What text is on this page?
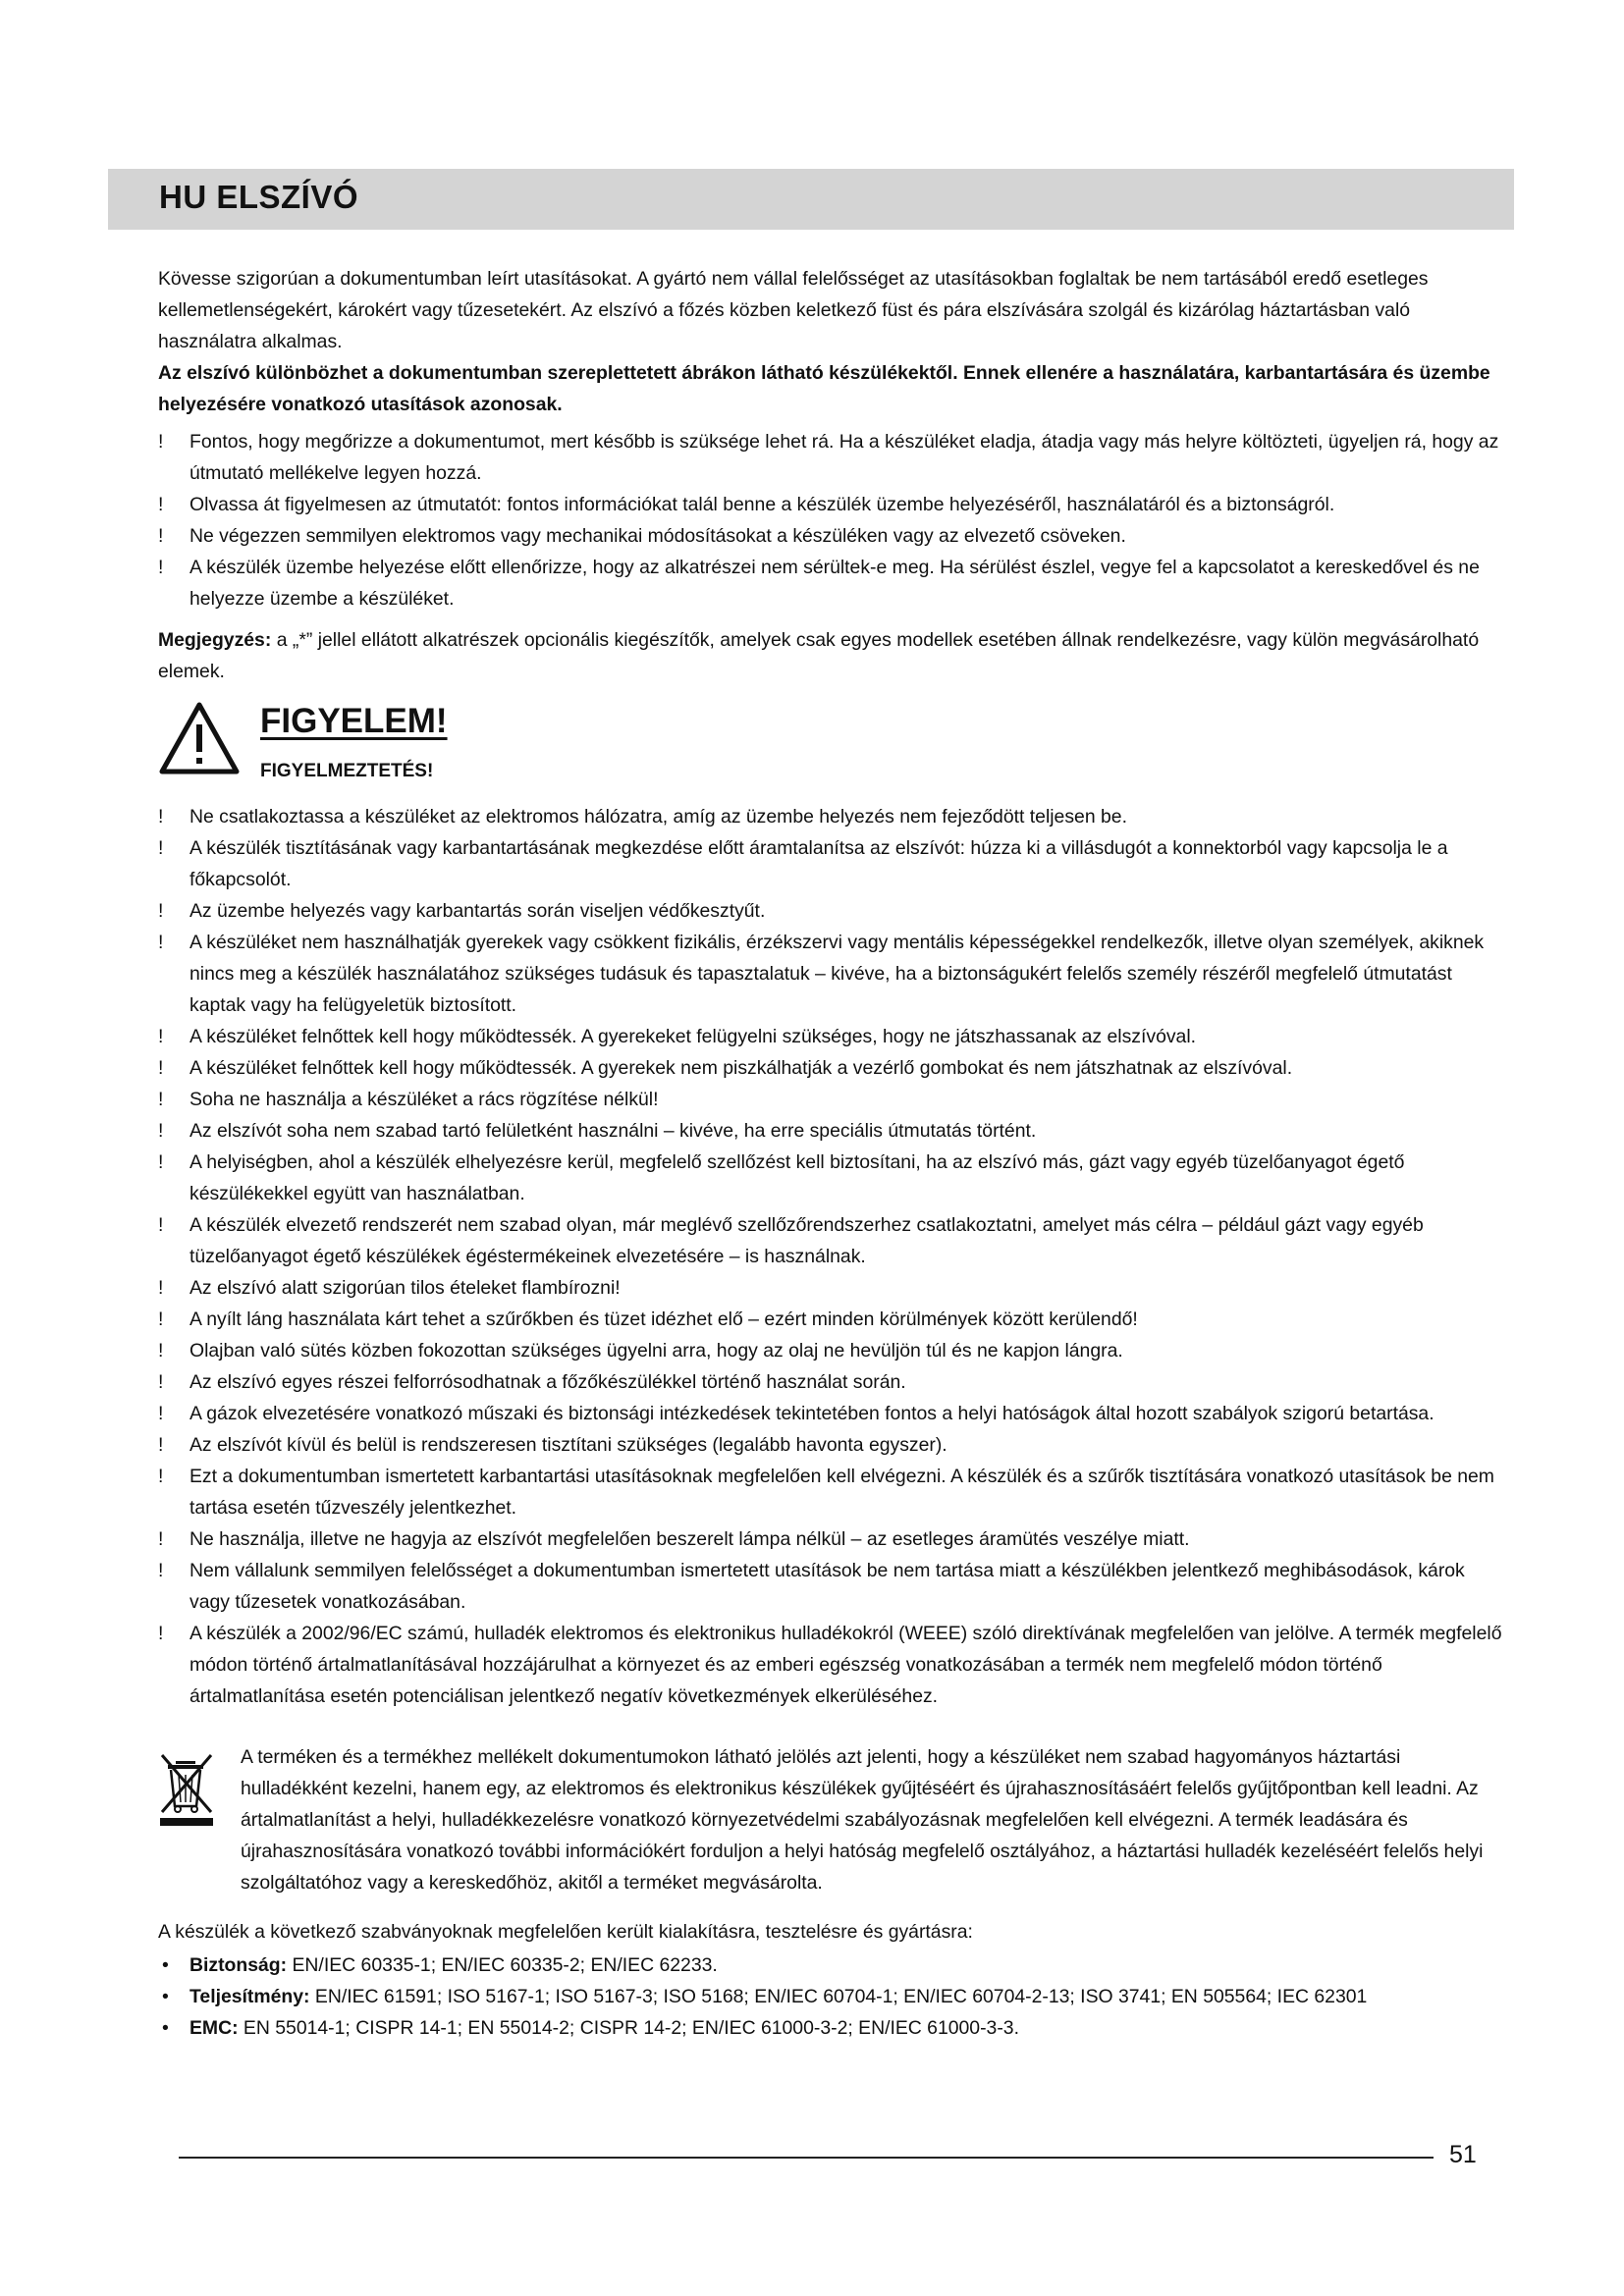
HU ELSZÍVÓ

Kövesse szigorúan a dokumentumban leírt utasításokat. A gyártó nem vállal felelősséget az utasításokban foglaltak be nem tartásából eredő esetleges kellemetlenségekért, károkért vagy tűzesetekért. Az elszívó a főzés közben keletkező füst és pára elszívására szolgál és kizárólag háztartásban való használatra alkalmas.

Az elszívó különbözhet a dokumentumban szereplettetett ábrákon látható készülékektől. Ennek ellenére a használatára, karbantartására és üzembe helyezésére vonatkozó utasítások azonosak.

! Fontos, hogy megőrizze a dokumentumot, mert később is szüksége lehet rá. Ha a készüléket eladja, átadja vagy más helyre költözteti, ügyeljen rá, hogy az útmutató mellékelve legyen hozzá.
! Olvassa át figyelmesen az útmutatót: fontos információkat talál benne a készülék üzembe helyezéséről, használatáról és a biztonságról.
! Ne végezzen semmilyen elektromos vagy mechanikai módosításokat a készüléken vagy az elvezető csöveken.
! A készülék üzembe helyezése előtt ellenőrizze, hogy az alkatrészei nem sérültek-e meg. Ha sérülést észlel, vegye fel a kapcsolatot a kereskedővel és ne helyezze üzembe a készüléket.

Megjegyzés: a „*” jellel ellátott alkatrészek opcionális kiegészítők, amelyek csak egyes modellek esetében állnak rendelkezésre, vagy külön megvásárolható elemek.

FIGYELEM!
FIGYELMEZTETÉS!
! Ne csatlakoztassa a készüléket az elektromos hálózatra, amíg az üzembe helyezés nem fejeződött teljesen be.
! A készülék tisztításának vagy karbantartásának megkezdése előtt áramtalanítsa az elszívót: húzza ki a villásdugót a konnektorból vagy kapcsolja le a főkapcsolót.
! Az üzembe helyezés vagy karbantartás során viseljen védőkesztyűt.
! A készüléket nem használhatják gyerekek vagy csökkent fizikális, érzékszervi vagy mentális képességekkel rendelkezők, illetve olyan személyek, akiknek nincs meg a készülék használatához szükséges tudásuk és tapasztalatuk – kivéve, ha a biztonságukért felelős személy részéről megfelelő útmutatást kaptak vagy ha felügyeletük biztosított.
! A készüléket felnőttek kell hogy működtessék. A gyerekeket felügyelni szükséges, hogy ne játszhassanak az elszívóval.
! A készüléket felnőttek kell hogy működtessék. A gyerekek nem piszkálhatják a vezérlő gombokat és nem játszhatnak az elszívóval.
! Soha ne használja a készüléket a rács rögzítése nélkül!
! Az elszívót soha nem szabad tartó felületként használni – kivéve, ha erre speciális útmutatás történt.
! A helyiségben, ahol a készülék elhelyezésre kerül, megfelelő szellőzést kell biztosítani, ha az elszívó más, gázt vagy egyéb tüzelőanyagot égető készülékekkel együtt van használatban.
! A készülék elvezető rendszerét nem szabad olyan, már meglévő szellőzőrendszerhez csatlakoztatni, amelyet más célra – például gázt vagy egyéb tüzelőanyagot égető készülékek égéstermékeinek elvezetésére – is használnak.
! Az elszívó alatt szigorúan tilos ételeket flambírozni!
! A nyílt láng használata kárt tehet a szűrőkben és tüzet idézhet elő – ezért minden körülmények között kerülendő!
! Olajban való sütés közben fokozottan szükséges ügyelni arra, hogy az olaj ne hevüljön túl és ne kapjon lángra.
! Az elszívó egyes részei felforrósodhatnak a főzőkészülékkel történő használat során.
! A gázok elvezetésére vonatkozó műszaki és biztonsági intézkedések tekintetében fontos a helyi hatóságok által hozott szabályok szigorú betartása.
! Az elszívót kívül és belül is rendszeresen tisztítani szükséges (legalább havonta egyszer).
! Ezt a dokumentumban ismertetett karbantartási utasításoknak megfelelően kell elvégezni. A készülék és a szűrők tisztítására vonatkozó utasítások be nem tartása esetén tűzveszély jelentkezhet.
! Ne használja, illetve ne hagyja az elszívót megfelelően beszerelt lámpa nélkül – az esetleges áramütés veszélye miatt.
! Nem vállalunk semmilyen felelősséget a dokumentumban ismertetett utasítások be nem tartása miatt a készülékben jelentkező meghibásodások, károk vagy tűzesetek vonatkozásában.
! A készülék a 2002/96/EC számú, hulladék elektromos és elektronikus hulladékokról (WEEE) szóló direktívának megfelelően van jelölve. A termék megfelelő módon történő ártalmatlanításával hozzájárulhat a környezet és az emberi egészség vonatkozásában a termék nem megfelelő módon történő ártalmatlanítása esetén potenciálisan jelentkező negatív következmények elkerüléséhez.

A terméken és a termékhez mellékelt dokumentumokon látható jelölés azt jelenti, hogy a készüléket nem szabad hagyományos háztartási hulladékként kezelni, hanem egy, az elektromos és elektronikus készülékek gyűjtéséért és újrahasznosításáért felelős gyűjtőpontban kell leadni. Az ártalmatlanítást a helyi, hulladékkezelésre vonatkozó környezetvédelmi szabályozásnak megfelelően kell elvégezni. A termék leadására és újrahasznosítására vonatkozó további információkért forduljon a helyi hatóság megfelelő osztályához, a háztartási hulladék kezeléséért felelős helyi szolgáltatóhoz vagy a kereskedőhöz, akitől a terméket megvásárolta.

A készülék a következő szabványoknak megfelelően került kialakításra, tesztelésre és gyártásra:

• Biztonság: EN/IEC 60335-1; EN/IEC 60335-2; EN/IEC 62233.
• Teljesítmény: EN/IEC 61591; ISO 5167-1; ISO 5167-3; ISO 5168; EN/IEC 60704-1; EN/IEC 60704-2-13; ISO 3741; EN 505564; IEC 62301
• EMC: EN 55014-1; CISPR 14-1; EN 55014-2; CISPR 14-2; EN/IEC 61000-3-2; EN/IEC 61000-3-3.
51
